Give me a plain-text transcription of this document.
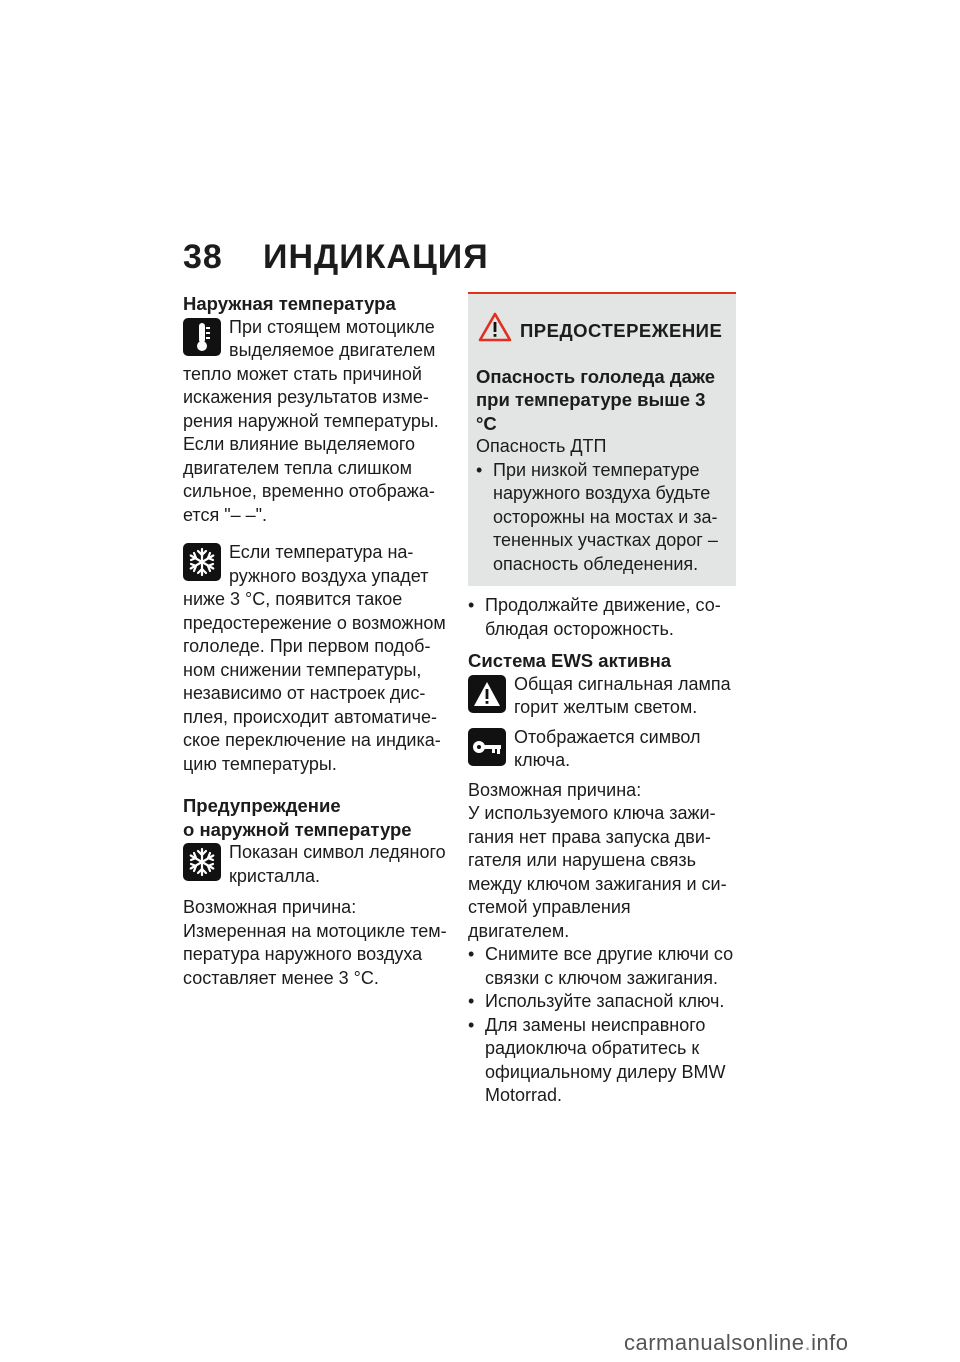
38 ИНДИКАЦИЯ
Наружная температура

При стоящем мотоцикле выделяемое двигателем тепло может стать причиной искажения результатов изме-рения наружной температуры. Если влияние выделяемого двигателем тепла слишком сильное, временно отобража-ется "– –".

Если температура на-ружного воздуха упадет ниже 3 °C, появится такое предостережение о возможном гололеде. При первом подоб-ном снижении температуры, независимо от настроек дис-плея, происходит автоматиче-ское переключение на индика-цию температуры.

Предупреждение
о наружной температуре

Показан символ ледяного кристалла.

Возможная причина:

Измеренная на мотоцикле тем-пература наружного воздуха составляет менее 3 °C.

ПРЕДОСТЕРЕЖЕНИЕ
Опасность гололеда даже при температуре выше 3 °C

Опасность ДТП

• При низкой температуре наружного воздуха будьте осторожны на мостах и за-тененных участках дорог – опасность обледенения.

• Продолжайте движение, со-блюдая осторожность.

Система EWS активна

Общая сигнальная лампа горит желтым светом.

Отображается символ ключа.

Возможная причина:

У используемого ключа зажи-гания нет права запуска дви-гателя или нарушена связь между ключом зажигания и си-стемой управления двигателем.

• Снимите все другие ключи со связки с ключом зажигания.

• Используйте запасной ключ.

• Для замены неисправного радиоключа обратитесь к официальному дилеру BMW Motorrad.

carmanualsonline.info
